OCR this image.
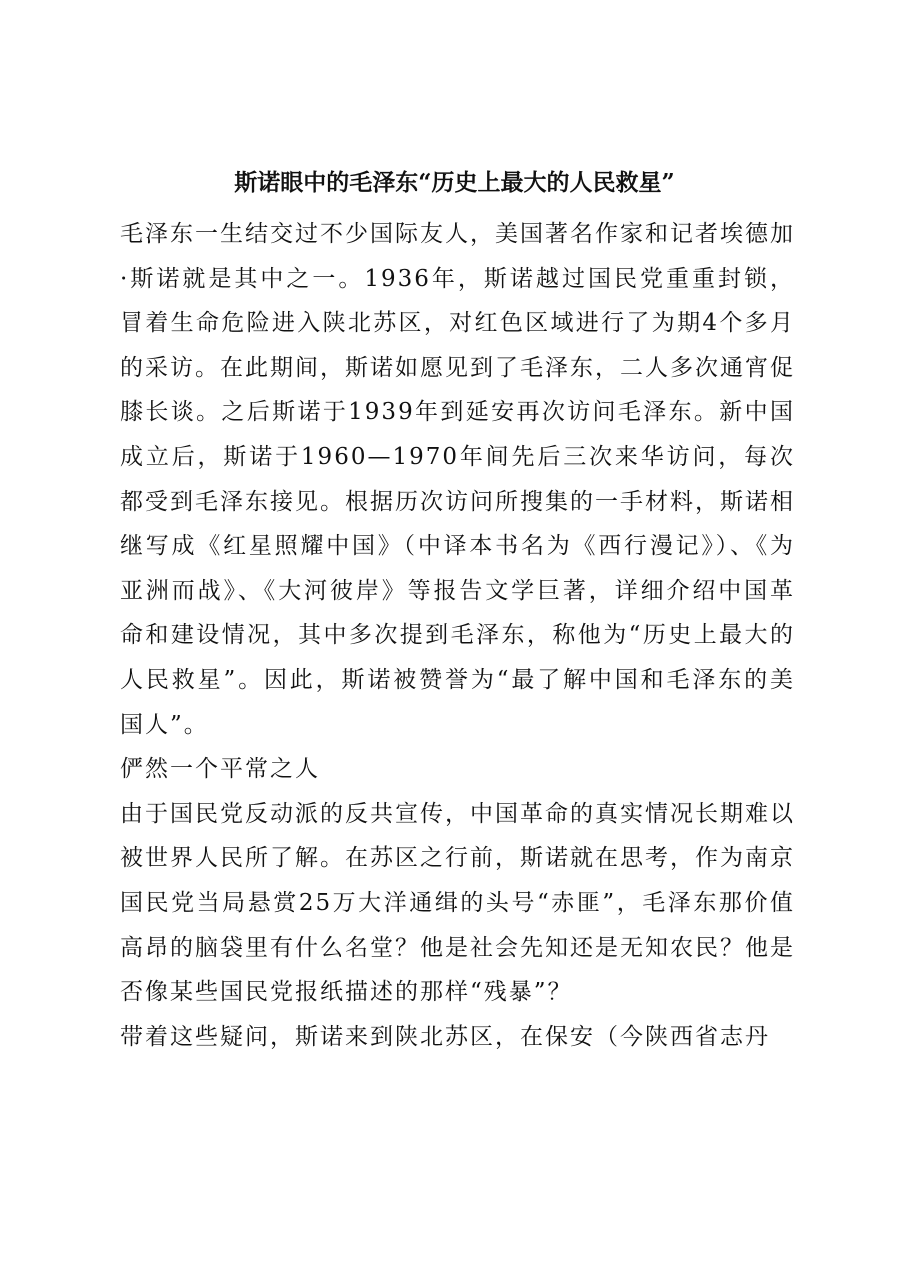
斯诺眼中的毛泽东“历史上最大的人民救星”

毛泽东一生结交过不少国际友人，美国著名作家和记者埃德加·斯诺就是其中之一。1936年，斯诺越过国民党重重封锁，冒着生命危险进入陕北苏区，对红色区域进行了为期4个多月的采访。在此期间，斯诺如愿见到了毛泽东，二人多次通宵促膝长谈。之后斯诺于1939年到延安再次访问毛泽东。新中国成立后，斯诺于1960—1970年间先后三次来华访问，每次都受到毛泽东接见。根据历次访问所搜集的一手材料，斯诺相继写成《红星照耀中国》（中译本书名为《西行漫记》）、《为亚洲而战》、《大河彼岸》等报告文学巨著，详细介绍中国革命和建设情况，其中多次提到毛泽东，称他为“历史上最大的人民救星”。因此，斯诺被赞誉为“最了解中国和毛泽东的美国人”。

俨然一个平常之人

由于国民党反动派的反共宣传，中国革命的真实情况长期难以被世界人民所了解。在苏区之行前，斯诺就在思考，作为南京国民党当局悬赏25万大洋通缉的头号“赤匪”，毛泽东那价值高昂的脑袋里有什么名堂？他是社会先知还是无知农民？他是否像某些国民党报纸描述的那样“残暴”？

带着这些疑问，斯诺来到陕北苏区，在保安（今陕西省志丹
